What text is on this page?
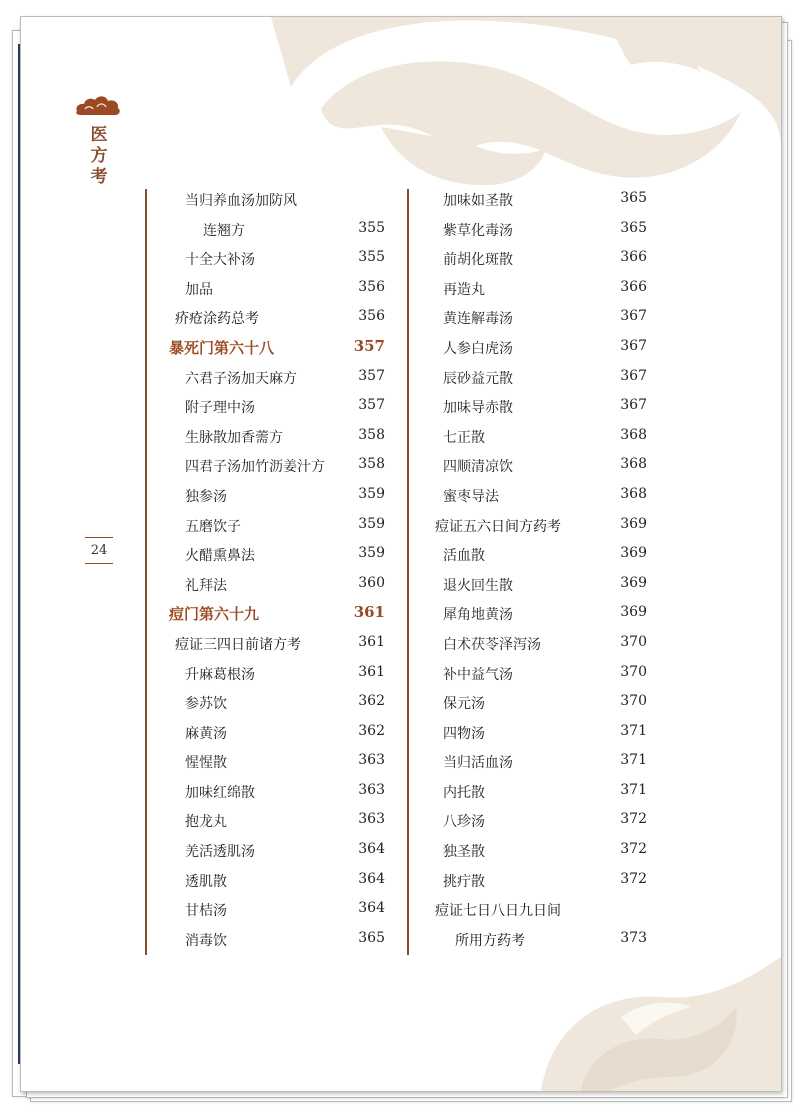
医方考
24
当归养血汤加防风
连翘方	355
十全大补汤	355
加品	356
疥疮涂药总考	356
暴死门第六十八	357
六君子汤加天麻方	357
附子理中汤	357
生脉散加香薷方	358
四君子汤加竹沥姜汁方 358
独参汤	359
五磨饮子	359
火醋熏鼻法	359
礼拜法	360
痘门第六十九	361
痘证三四日前诸方考	361
升麻葛根汤	361
参苏饮	362
麻黄汤	362
惺惺散	363
加味红绵散	363
抱龙丸	363
羌活透肌汤	364
透肌散	364
甘桔汤	364
消毒饮	365
加味如圣散	365
紫草化毒汤	365
前胡化斑散	366
再造丸	366
黄连解毒汤	367
人参白虎汤	367
辰砂益元散	367
加味导赤散	367
七正散	368
四顺清凉饮	368
蜜枣导法	368
痘证五六日间方药考	369
活血散	369
退火回生散	369
犀角地黄汤	369
白术茯苓泽泻汤	370
补中益气汤	370
保元汤	370
四物汤	371
当归活血汤	371
内托散	371
八珍汤	372
独圣散	372
挑疔散	372
痘证七日八日九日间
所用方药考	373
